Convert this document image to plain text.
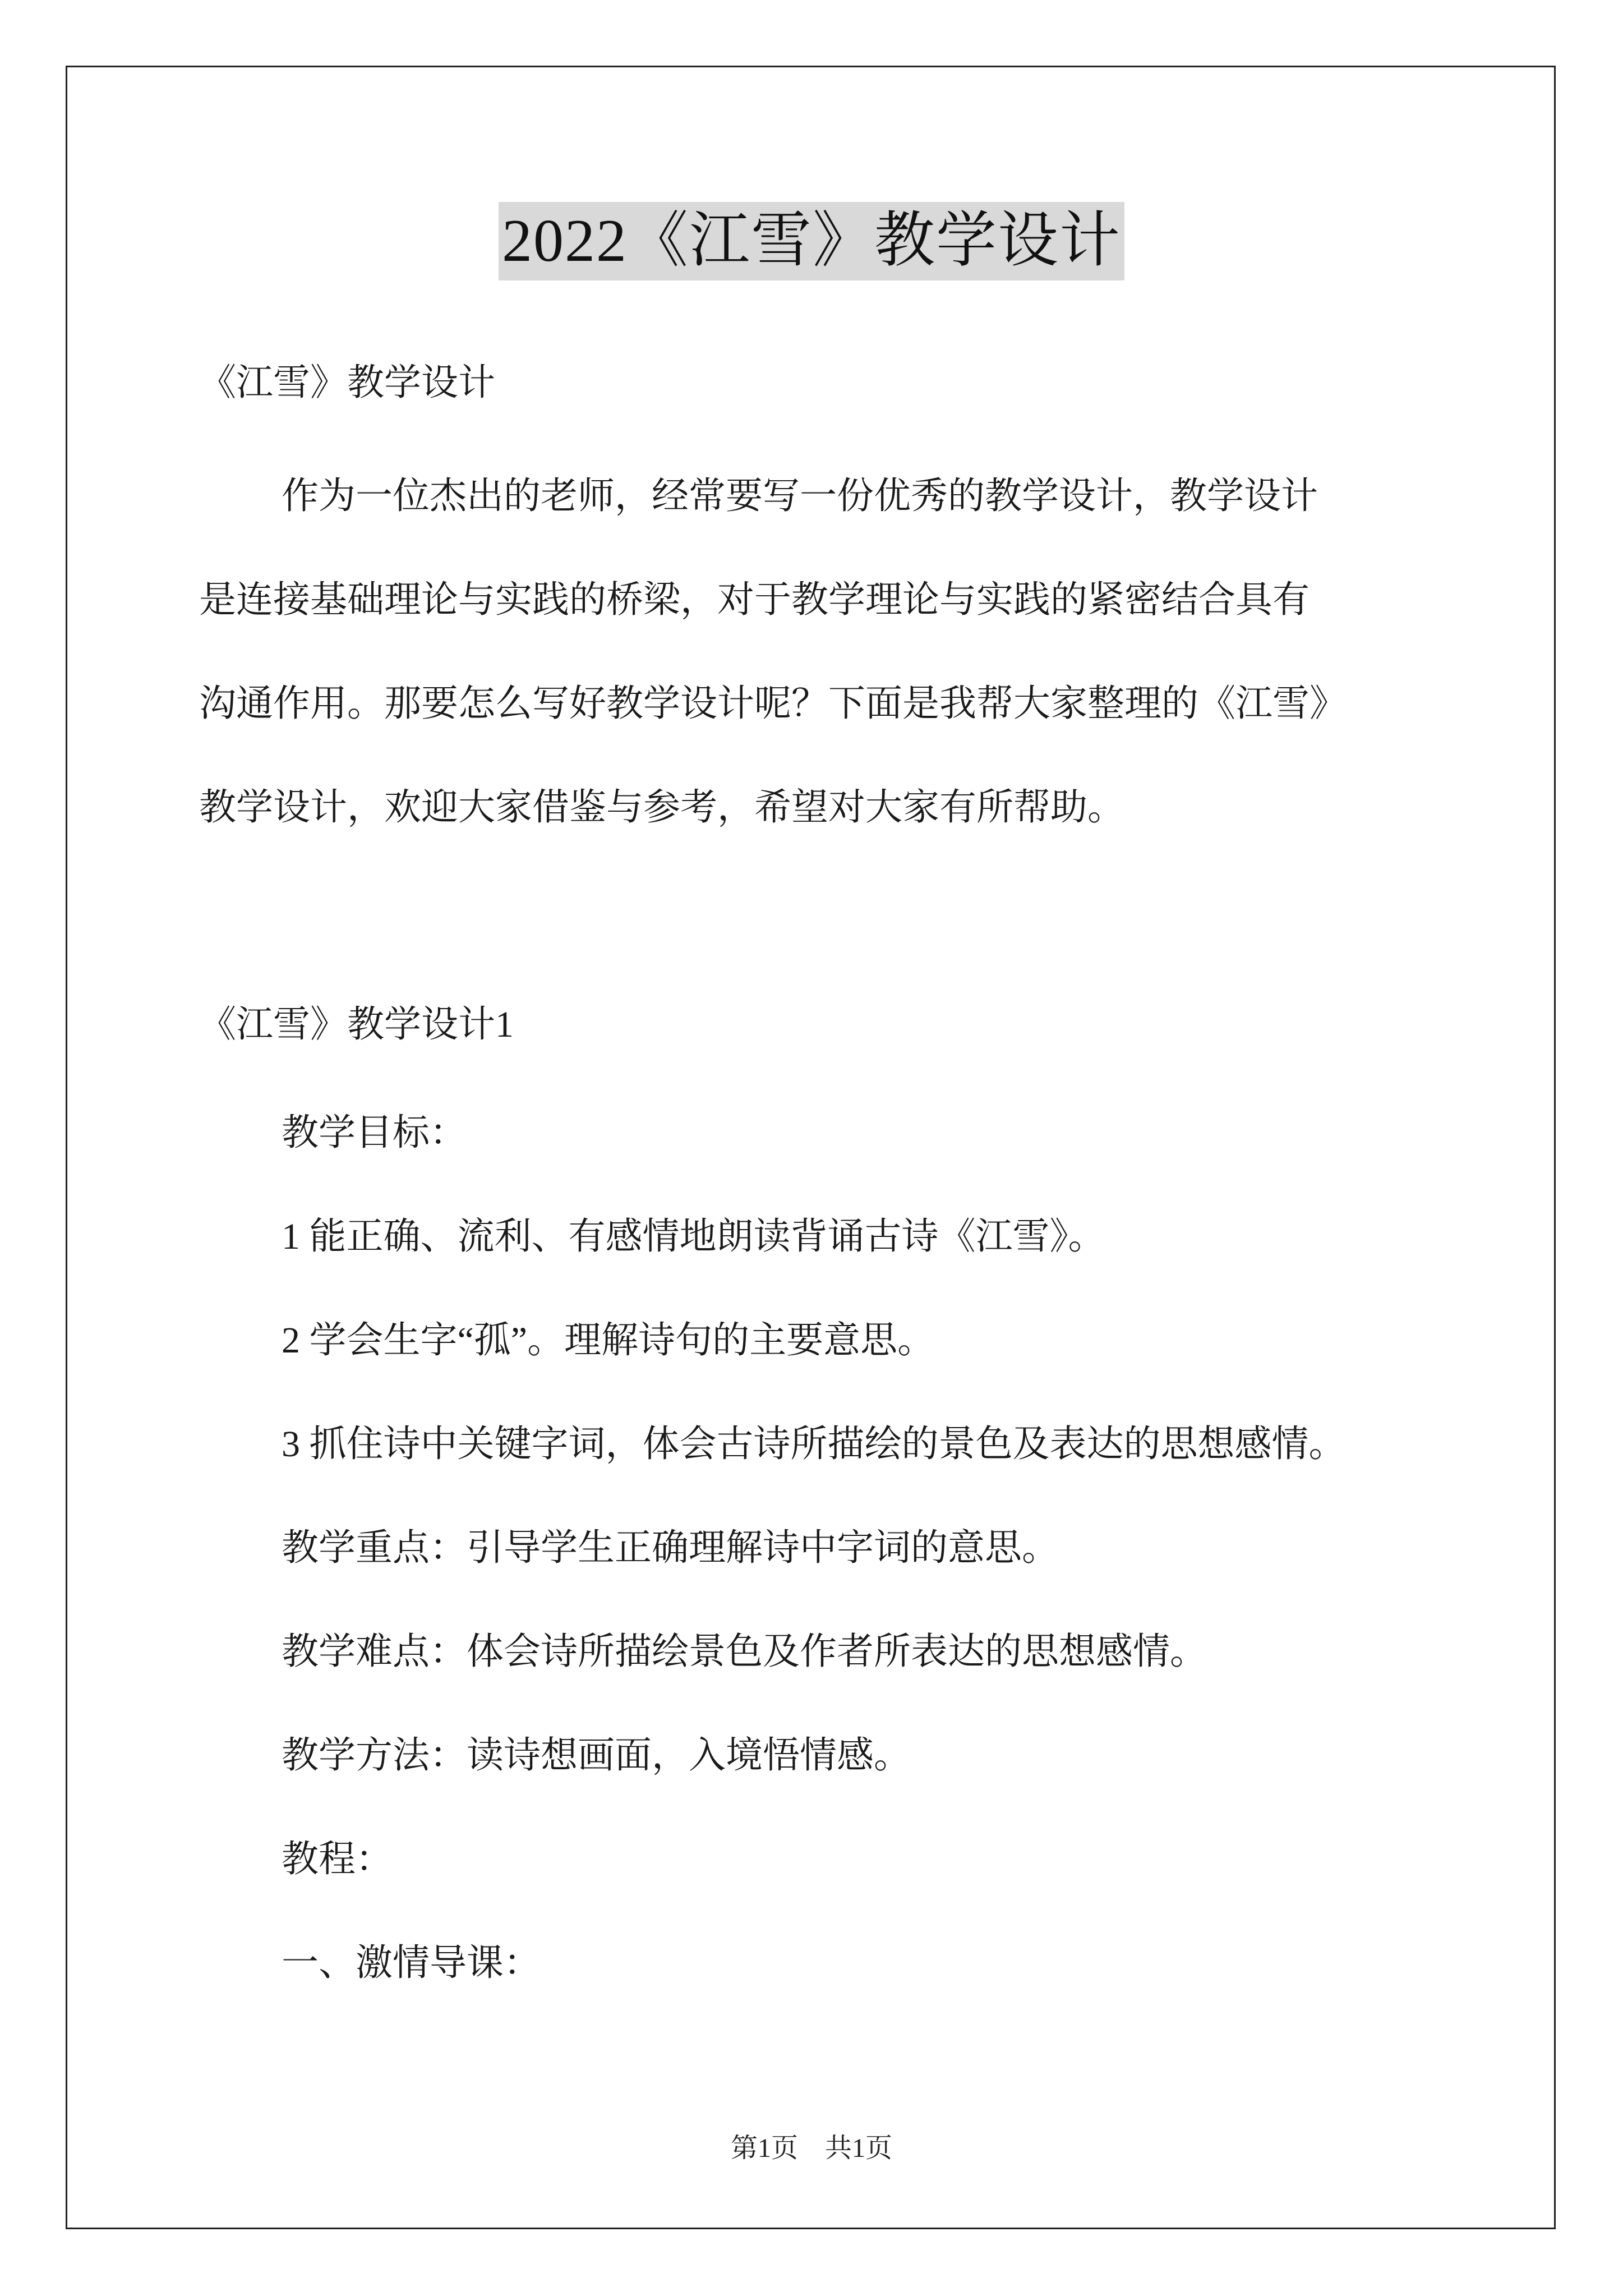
2022《江雪》教学设计
《江雪》教学设计
作为一位杰出的老师，经常要写一份优秀的教学设计，教学设计
是连接基础理论与实践的桥梁，对于教学理论与实践的紧密结合具有
沟通作用。那要怎么写好教学设计呢？下面是我帮大家整理的《江雪》
教学设计，欢迎大家借鉴与参考，希望对大家有所帮助。
《江雪》教学设计1
教学目标：
1 能正确、流利、有感情地朗读背诵古诗《江雪》。
2 学会生字“孤”。理解诗句的主要意思。
3 抓住诗中关键字词，体会古诗所描绘的景色及表达的思想感情。
教学重点：引导学生正确理解诗中字词的意思。
教学难点：体会诗所描绘景色及作者所表达的思想感情。
教学方法：读诗想画面，入境悟情感。
教程：
一、激情导课：
第1页　共1页
